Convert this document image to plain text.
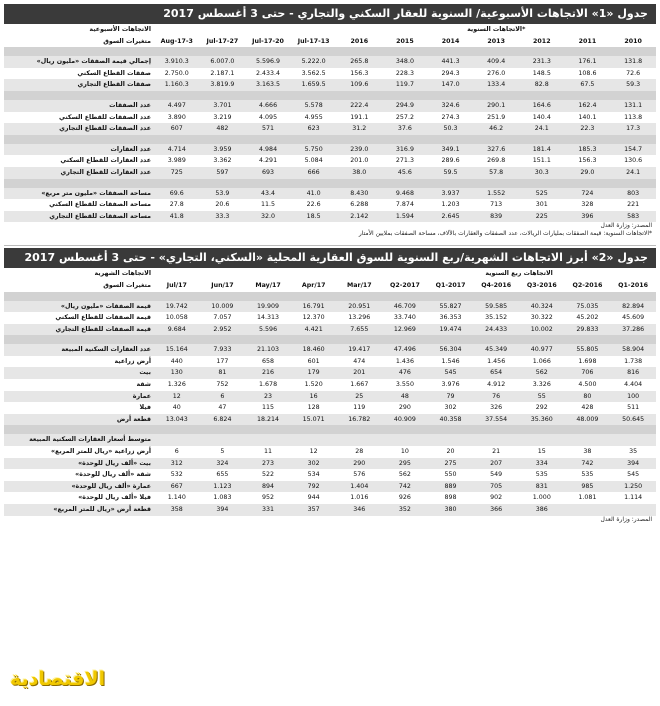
جدول «1» الاتجاهات الأسبوعية/ السنوية للعقار السكني والتجاري - حتى 3 أغسطس 2017
الاتجاهات الأسبوعية					الاتجاهات السنوية*						
متغيرات السوق	3-Aug-17	27-Jul-17	20-Jul-17	13-Jul-17	2016	2015	2014	2013	2012	2011	2010

إجمالي قيمة الصفقات «مليون ريال»	3.910.3	6.007.0	5.596.9	5.222.0	265.8	348.0	441.3	409.4	231.3	176.1	131.8
صفقات القطاع السكني	2.750.0	2.187.1	2.433.4	3.562.5	156.3	228.3	294.3	276.0	148.5	108.6	72.6
صفقات القطاع التجاري	1.160.3	3.819.9	3.163.5	1.659.5	109.6	119.7	147.0	133.4	82.8	67.5	59.3

عدد الصفقات	4.497	3.701	4.666	5.578	222.4	294.9	324.6	290.1	164.6	162.4	131.1
عدد الصفقات للقطاع السكني	3.890	3.219	4.095	4.955	191.1	257.2	274.3	251.9	140.4	140.1	113.8
عدد الصفقات للقطاع التجاري	607	482	571	623	31.2	37.6	50.3	46.2	24.1	22.3	17.3

عدد العقارات	4.714	3.959	4.984	5.750	239.0	316.9	349.1	327.6	181.4	185.3	154.7
عدد العقارات للقطاع السكني	3.989	3.362	4.291	5.084	201.0	271.3	289.6	269.8	151.1	156.3	130.6
عدد العقارات للقطاع التجاري	725	597	693	666	38.0	45.6	59.5	57.8	30.3	29.0	24.1

مساحة الصفقات «مليون متر مربع»	69.6	53.9	43.4	41.0	8.430	9.468	3.937	1.552	525	724	803
مساحة الصفقات للقطاع السكني	27.8	20.6	11.5	22.6	6.288	7.874	1.203	713	301	328	221
مساحة الصفقات للقطاع التجاري	41.8	33.3	32.0	18.5	2.142	1.594	2.645	839	225	396	583
المصدر: وزارة العدل
*الاتجاهات السنوية: قيمة الصفقات بمليارات الريالات، عدد الصفقات والعقارات بالآلاف، مساحة الصفقات بملايين الأمتار
جدول «2» أبرز الاتجاهات الشهرية/ربع السنوية للسوق العقارية المحلية «السكني، التجاري» - حتى 3 أغسطس 2017
الاتجاهات الشهرية						الاتجاهات ربع السنوية					
متغيرات السوق	Jul/17	Jun/17	May/17	Apr/17	Mar/17	2017-Q2	2017-Q1	2016-Q4	2016-Q3	2016-Q2	2016-Q1

قيمة الصفقات «مليون ريال»	19.742	10.009	19.909	16.791	20.951	46.709	55.827	59.585	40.324	75.035	82.894
قيمة الصفقات للقطاع السكني	10.058	7.057	14.313	12.370	13.296	33.740	36.353	35.152	30.322	45.202	45.609
قيمة الصفقات للقطاع التجاري	9.684	2.952	5.596	4.421	7.655	12.969	19.474	24.433	10.002	29.833	37.286

عدد العقارات السكنية المبيعة	15.164	7.933	21.103	18.460	19.417	47.496	56.304	45.349	40.977	55.805	58.904
أرض زراعية	440	177	658	601	474	1.436	1.546	1.456	1.066	1.698	1.738
بيت	130	81	216	179	201	476	545	654	562	706	816
شقة	1.326	752	1.678	1.520	1.667	3.550	3.976	4.912	3.326	4.500	4.404
عمارة	12	6	23	16	25	48	79	76	55	80	100
فيلا	40	47	115	128	119	290	302	326	292	428	511
قطعة أرض	13.043	6.824	18.214	15.071	16.782	40.909	40.358	37.554	35.360	48.009	50.645

متوسط أسعار العقارات السكنية المبيعة											
أرض زراعية «ريال للمتر المربع»	6	5	11	12	28	10	20	21	15	38	35
بيت «ألف ريال للوحدة»	312	324	273	302	290	295	275	207	334	742	394
شقة «ألف ريال للوحدة»	532	655	522	534	576	562	550	549	535	535	545
عمارة «ألف ريال للوحدة»	667	1.123	894	792	1.404	742	889	705	831	985	1.250
فيلا «ألف ريال للوحدة»	1.140	1.083	952	944	1.016	926	898	902	1.000	1.081	1.114
قطعة أرض «ريال للمتر المربع»	358	394	331	357	346	352	380	366	386		
المصدر: وزارة العدل
الاقتصادية
